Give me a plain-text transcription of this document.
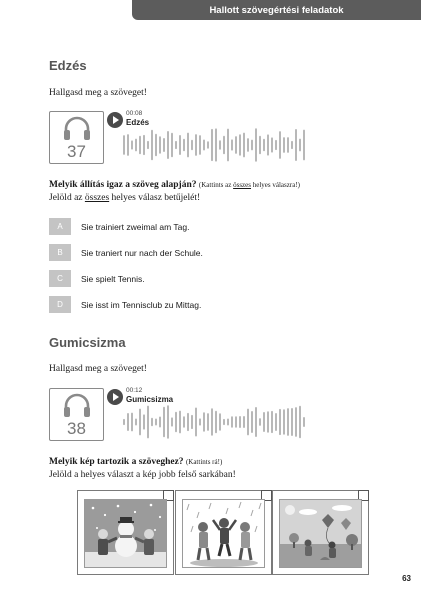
Hallott szövegértési feladatok
Edzés
Hallgasd meg a szöveget!
37
00:08
Edzés
Melyik állítás igaz a szöveg alapján? (Kattints az összes helyes válaszra!)
Jelöld az összes helyes válasz betűjelét!
A	Sie trainiert zweimal am Tag.
B	Sie traniert nur nach der Schule.
C	Sie spielt Tennis.
D	Sie isst im Tennisclub zu Mittag.
Gumicsizma
Hallgasd meg a szöveget!
38
00:12
Gumicsizma
Melyik kép tartozik a szöveghez? (Kattints rá!)
Jelöld a helyes választ a kép jobb felső sarkában!
63
